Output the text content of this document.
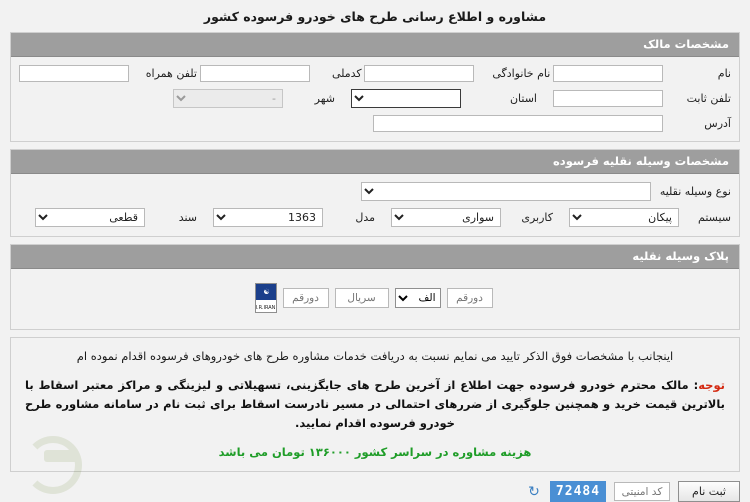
مشاوره و اطلاع رسانی طرح های خودرو فرسوده کشور
مشخصات مالک
نام
نام خانوادگی
کدملی
تلفن همراه
تلفن ثابت
استان
شهر
-
آدرس
مشخصات وسیله نقلیه فرسوده
نوع وسیله نقلیه
سیستم
پیکان
کاربری
سواری
مدل
1363
سند
قطعی
پلاک وسیله نقلیه
دورقم
الف
سریال
دورقم
☯
I.R.IRAN
اینجانب با مشخصات فوق الذکر تایید می نمایم نسبت به دریافت خدمات مشاوره طرح های خودروهای فرسوده اقدام نموده ام
توجه: مالک محترم خودرو فرسوده جهت اطلاع از آخرین طرح های جایگزینی، تسهیلاتی و لیزینگی و مراکز معتبر اسقاط با بالاترین قیمت خرید و همچنین جلوگیری از ضررهای احتمالی در مسیر نادرست اسقاط برای ثبت نام در سامانه مشاوره طرح خودرو فرسوده اقدام نمایید.
هزینه مشاوره در سراسر کشور ۱۳۶۰۰۰ تومان می باشد
ثبت نام
کد امنیتی
72484
↻
